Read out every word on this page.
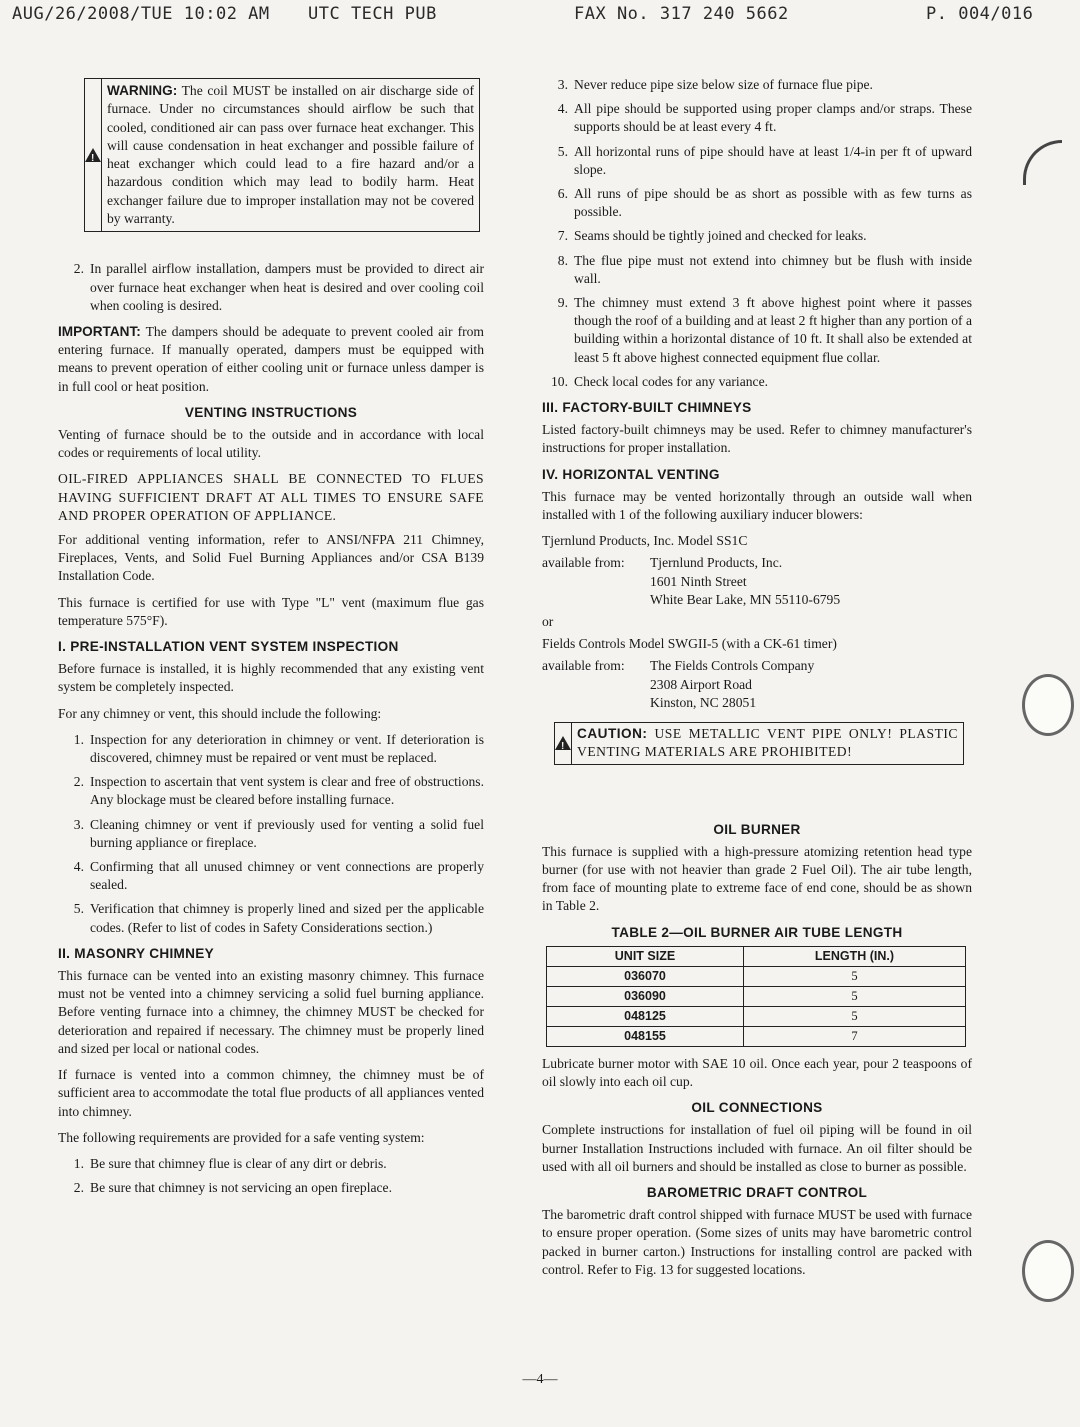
AUG/26/2008/TUE 10:02 AM UTC TECH PUB	FAX No. 317 240 5662	P. 004/016
!
WARNING: The coil MUST be installed on air discharge side of furnace. Under no circumstances should airflow be such that cooled, conditioned air can pass over furnace heat exchanger. This will cause condensation in heat exchanger and possible failure of heat exchanger which could lead to a fire hazard and/or a hazardous condition which may lead to bodily harm. Heat exchanger failure due to improper installation may not be covered by warranty.
2. In parallel airflow installation, dampers must be provided to direct air over furnace heat exchanger when heat is desired and over cooling coil when cooling is desired.

IMPORTANT: The dampers should be adequate to prevent cooled air from entering furnace. If manually operated, dampers must be equipped with means to prevent operation of either cooling unit or furnace unless damper is in full cool or heat position.

VENTING INSTRUCTIONS

Venting of furnace should be to the outside and in accordance with local codes or requirements of local utility.

OIL-FIRED APPLIANCES SHALL BE CONNECTED TO FLUES HAVING SUFFICIENT DRAFT AT ALL TIMES TO ENSURE SAFE AND PROPER OPERATION OF APPLIANCE.

For additional venting information, refer to ANSI/NFPA 211 Chimney, Fireplaces, Vents, and Solid Fuel Burning Appliances and/or CSA B139 Installation Code.

This furnace is certified for use with Type "L" vent (maximum flue gas temperature 575°F).

I. PRE-INSTALLATION VENT SYSTEM INSPECTION

Before furnace is installed, it is highly recommended that any existing vent system be completely inspected.

For any chimney or vent, this should include the following:

1. Inspection for any deterioration in chimney or vent. If deterioration is discovered, chimney must be repaired or vent must be replaced.
2. Inspection to ascertain that vent system is clear and free of obstructions. Any blockage must be cleared before installing furnace.
3. Cleaning chimney or vent if previously used for venting a solid fuel burning appliance or fireplace.
4. Confirming that all unused chimney or vent connections are properly sealed.
5. Verification that chimney is properly lined and sized per the applicable codes. (Refer to list of codes in Safety Considerations section.)
II. MASONRY CHIMNEY

This furnace can be vented into an existing masonry chimney. This furnace must not be vented into a chimney servicing a solid fuel burning appliance. Before venting furnace into a chimney, the chimney MUST be checked for deterioration and repaired if necessary. The chimney must be properly lined and sized per local or national codes.

If furnace is vented into a common chimney, the chimney must be of sufficient area to accommodate the total flue products of all appliances vented into chimney.

The following requirements are provided for a safe venting system:

1. Be sure that chimney flue is clear of any dirt or debris.
2. Be sure that chimney is not servicing an open fireplace.
3. Never reduce pipe size below size of furnace flue pipe.
4. All pipe should be supported using proper clamps and/or straps. These supports should be at least every 4 ft.
5. All horizontal runs of pipe should have at least 1/4-in per ft of upward slope.
6. All runs of pipe should be as short as possible with as few turns as possible.
7. Seams should be tightly joined and checked for leaks.
8. The flue pipe must not extend into chimney but be flush with inside wall.
9. The chimney must extend 3 ft above highest point where it passes though the roof of a building and at least 2 ft higher than any portion of a building within a horizontal distance of 10 ft. It shall also be extended at least 5 ft above highest connected equipment flue collar.
10. Check local codes for any variance.
III. FACTORY-BUILT CHIMNEYS

Listed factory-built chimneys may be used. Refer to chimney manufacturer's instructions for proper installation.

IV. HORIZONTAL VENTING

This furnace may be vented horizontally through an outside wall when installed with 1 of the following auxiliary inducer blowers:

Tjernlund Products, Inc. Model SS1C

available from:	Tjernlund Products, Inc.
1601 Ninth Street
White Bear Lake, MN 55110-6795

or

Fields Controls Model SWGII-5 (with a CK-61 timer)

available from:	The Fields Controls Company
2308 Airport Road
Kinston, NC 28051
!
CAUTION: USE METALLIC VENT PIPE ONLY! PLASTIC VENTING MATERIALS ARE PROHIBITED!
OIL BURNER

This furnace is supplied with a high-pressure atomizing retention head type burner (for use with not heavier than grade 2 Fuel Oil). The air tube length, from face of mounting plate to extreme face of end cone, should be as shown in Table 2.

TABLE 2—OIL BURNER AIR TUBE LENGTH
UNIT SIZE	LENGTH (IN.)
036070	5
036090	5
048125	5
048155	7

Lubricate burner motor with SAE 10 oil. Once each year, pour 2 teaspoons of oil slowly into each oil cup.

OIL CONNECTIONS

Complete instructions for installation of fuel oil piping will be found in oil burner Installation Instructions included with furnace. An oil filter should be used with all oil burners and should be installed as close to burner as possible.

BAROMETRIC DRAFT CONTROL

The barometric draft control shipped with furnace MUST be used with furnace to ensure proper operation. (Some sizes of units may have barometric control packed in burner carton.) Instructions for installing control are packed with control. Refer to Fig. 13 for suggested locations.

—4—
